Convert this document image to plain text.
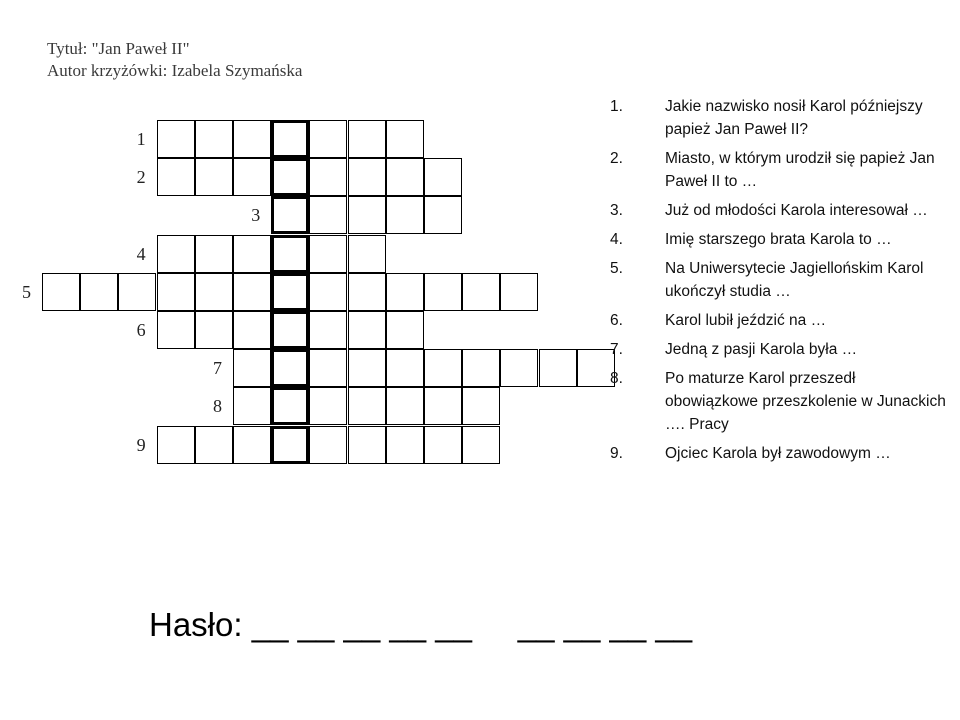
Tytuł: "Jan Paweł II"
Autor krzyżówki: Izabela Szymańska
1
2
3
4
5
6
7
8
9
1.	Jakie nazwisko nosił Karol późniejszy papież Jan Paweł II?
2.	Miasto, w którym urodził się papież Jan Paweł II to …
3.	Już od młodości Karola interesował …
4.	Imię starszego brata Karola to …
5.	Na Uniwersytecie Jagiellońskim Karol ukończył studia …
6.	Karol lubił jeździć na …
7.	Jedną z pasji Karola była …
8.	Po maturze Karol przeszedł obowiązkowe przeszkolenie w Junackich …. Pracy
9.	Ojciec Karola był zawodowym …
Hasło: __ __ __ __ __     __ __ __ __
